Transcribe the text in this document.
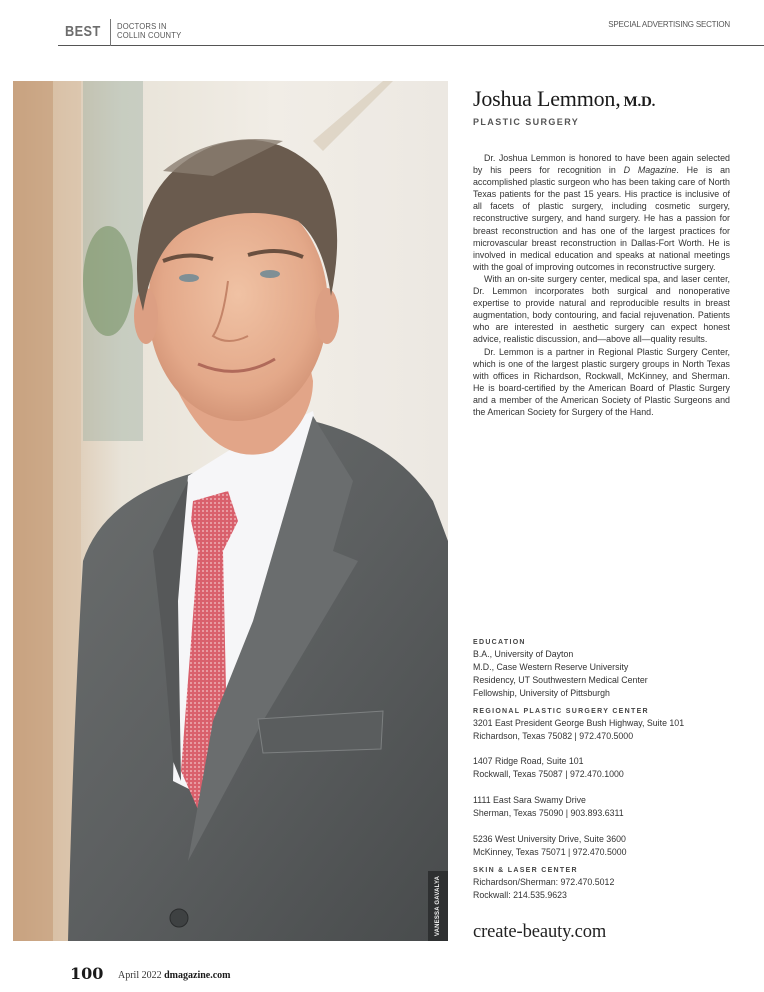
BEST DOCTORS IN
COLLIN COUNTY
SPECIAL ADVERTISING SECTION
VANESSA GAVALYA
Joshua Lemmon, M.D.
PLASTIC SURGERY

Dr. Joshua Lemmon is honored to have been again selected by his peers for recognition in D Magazine. He is an accomplished plastic surgeon who has been taking care of North Texas patients for the past 15 years. His practice is inclusive of all facets of plastic surgery, including cosmetic surgery, reconstructive surgery, and hand surgery. He has a passion for breast reconstruction and has one of the largest practices for microvascular breast reconstruction in Dallas-Fort Worth. He is involved in medical education and speaks at national meetings with the goal of improving outcomes in reconstructive surgery.

With an on-site surgery center, medical spa, and laser center, Dr. Lemmon incorporates both surgical and nonoperative expertise to provide natural and reproducible results in breast augmentation, body contouring, and facial rejuvenation. Patients who are interested in aesthetic surgery can expect honest advice, realistic discussion, and—above all—quality results.

Dr. Lemmon is a partner in Regional Plastic Surgery Center, which is one of the largest plastic surgery groups in North Texas with offices in Richardson, Rockwall, McKinney, and Sherman. He is board-certified by the American Board of Plastic Surgery and a member of the American Society of Plastic Surgeons and the American Society for Surgery of the Hand.

EDUCATION
B.A., University of Dayton
M.D., Case Western Reserve University
Residency, UT Southwestern Medical Center
Fellowship, University of Pittsburgh
REGIONAL PLASTIC SURGERY CENTER
3201 East President George Bush Highway, Suite 101
Richardson, Texas 75082 | 972.470.5000
1407 Ridge Road, Suite 101
Rockwall, Texas 75087 | 972.470.1000
1111 East Sara Swamy Drive
Sherman, Texas 75090 | 903.893.6311
5236 West University Drive, Suite 3600
McKinney, Texas 75071 | 972.470.5000
SKIN & LASER CENTER
Richardson/Sherman: 972.470.5012
Rockwall: 214.535.9623
create-beauty.com
100 April 2022 dmagazine.com
